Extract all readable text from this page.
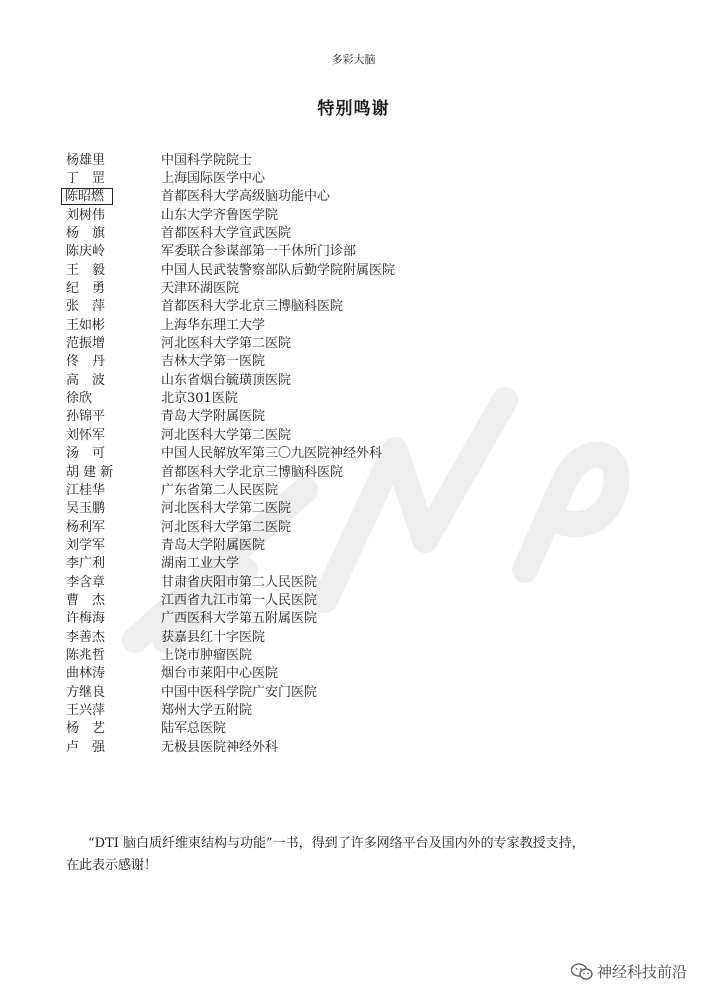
多彩大脑
特别鸣谢
杨雄里	中国科学院院士
丁　罡	上海国际医学中心
陈昭燃	首都医科大学高级脑功能中心
刘树伟	山东大学齐鲁医学院
杨　旗	首都医科大学宣武医院
陈庆岭	军委联合参谋部第一干休所门诊部
王　毅	中国人民武装警察部队后勤学院附属医院
纪　勇	天津环湖医院
张　萍	首都医科大学北京三博脑科医院
王如彬	上海华东理工大学
范振增	河北医科大学第二医院
佟　丹	吉林大学第一医院
高　波	山东省烟台毓璜顶医院
徐欣	北京301医院
孙锦平	青岛大学附属医院
刘怀军	河北医科大学第二医院
汤　可	中国人民解放军第三〇九医院神经外科
胡 建 新	首都医科大学北京三博脑科医院
江桂华	广东省第二人民医院
吴玉鹏	河北医科大学第二医院
杨利军	河北医科大学第二医院
刘学军	青岛大学附属医院
李广利	湖南工业大学
李含章	甘肃省庆阳市第二人民医院
曹　杰	江西省九江市第一人民医院
许梅海	广西医科大学第五附属医院
李善杰	获嘉县红十字医院
陈兆哲	上饶市肿瘤医院
曲林涛	烟台市莱阳中心医院
方继良	中国中医科学院广安门医院
王兴萍	郑州大学五附院
杨　艺	陆军总医院
卢　强	无极县医院神经外科
“DTI 脑白质纤维束结构与功能”一书，得到了许多网络平台及国内外的专家教授支持，
在此表示感谢！
神经科技前沿
